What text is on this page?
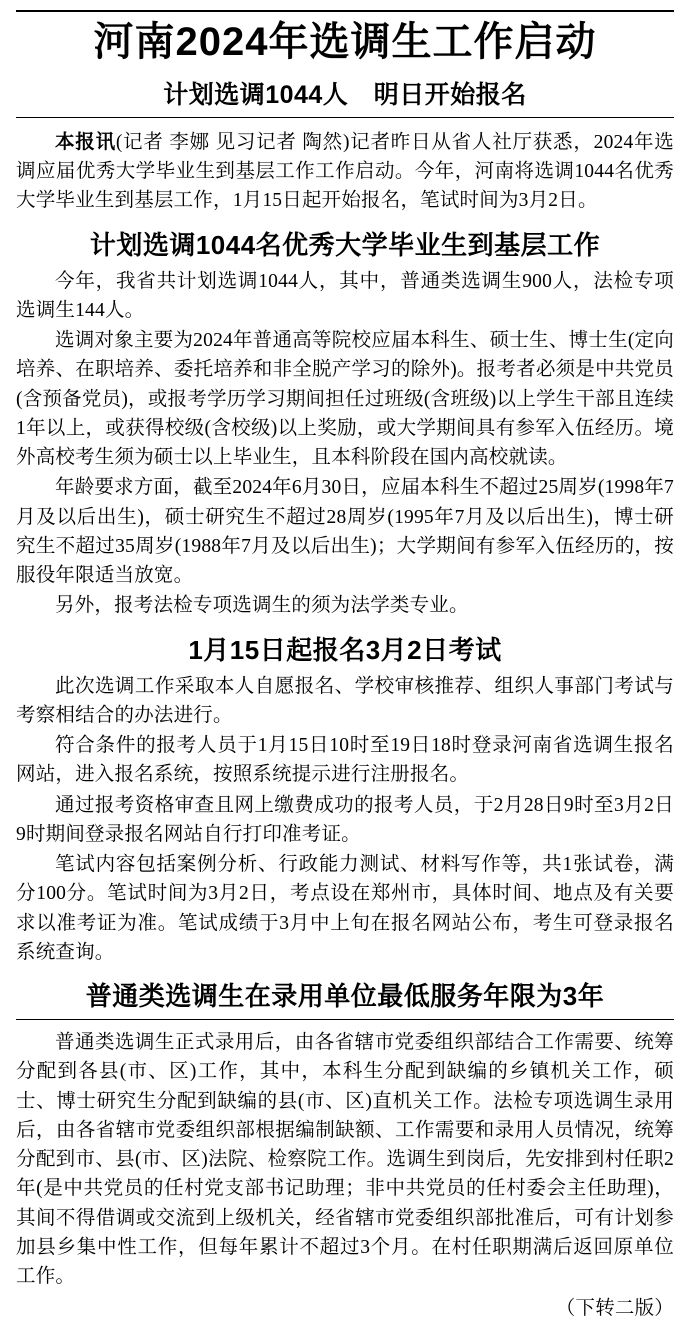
河南2024年选调生工作启动
计划选调1044人　明日开始报名

本报讯(记者 李娜 见习记者 陶然)记者昨日从省人社厅获悉，2024年选调应届优秀大学毕业生到基层工作工作启动。今年，河南将选调1044名优秀大学毕业生到基层工作，1月15日起开始报名，笔试时间为3月2日。

计划选调1044名优秀大学毕业生到基层工作

今年，我省共计划选调1044人，其中，普通类选调生900人，法检专项选调生144人。

选调对象主要为2024年普通高等院校应届本科生、硕士生、博士生(定向培养、在职培养、委托培养和非全脱产学习的除外)。报考者必须是中共党员(含预备党员)，或报考学历学习期间担任过班级(含班级)以上学生干部且连续1年以上，或获得校级(含校级)以上奖励，或大学期间具有参军入伍经历。境外高校考生须为硕士以上毕业生，且本科阶段在国内高校就读。

年龄要求方面，截至2024年6月30日，应届本科生不超过25周岁(1998年7月及以后出生)，硕士研究生不超过28周岁(1995年7月及以后出生)，博士研究生不超过35周岁(1988年7月及以后出生)；大学期间有参军入伍经历的，按服役年限适当放宽。

另外，报考法检专项选调生的须为法学类专业。

1月15日起报名3月2日考试

此次选调工作采取本人自愿报名、学校审核推荐、组织人事部门考试与考察相结合的办法进行。

符合条件的报考人员于1月15日10时至19日18时登录河南省选调生报名网站，进入报名系统，按照系统提示进行注册报名。

通过报考资格审查且网上缴费成功的报考人员，于2月28日9时至3月2日9时期间登录报名网站自行打印准考证。

笔试内容包括案例分析、行政能力测试、材料写作等，共1张试卷，满分100分。笔试时间为3月2日，考点设在郑州市，具体时间、地点及有关要求以准考证为准。笔试成绩于3月中上旬在报名网站公布，考生可登录报名系统查询。

普通类选调生在录用单位最低服务年限为3年

普通类选调生正式录用后，由各省辖市党委组织部结合工作需要、统筹分配到各县(市、区)工作，其中，本科生分配到缺编的乡镇机关工作，硕士、博士研究生分配到缺编的县(市、区)直机关工作。法检专项选调生录用后，由各省辖市党委组织部根据编制缺额、工作需要和录用人员情况，统筹分配到市、县(市、区)法院、检察院工作。选调生到岗后，先安排到村任职2年(是中共党员的任村党支部书记助理；非中共党员的任村委会主任助理)，其间不得借调或交流到上级机关，经省辖市党委组织部批准后，可有计划参加县乡集中性工作，但每年累计不超过3个月。在村任职期满后返回原单位工作。

（下转二版）
